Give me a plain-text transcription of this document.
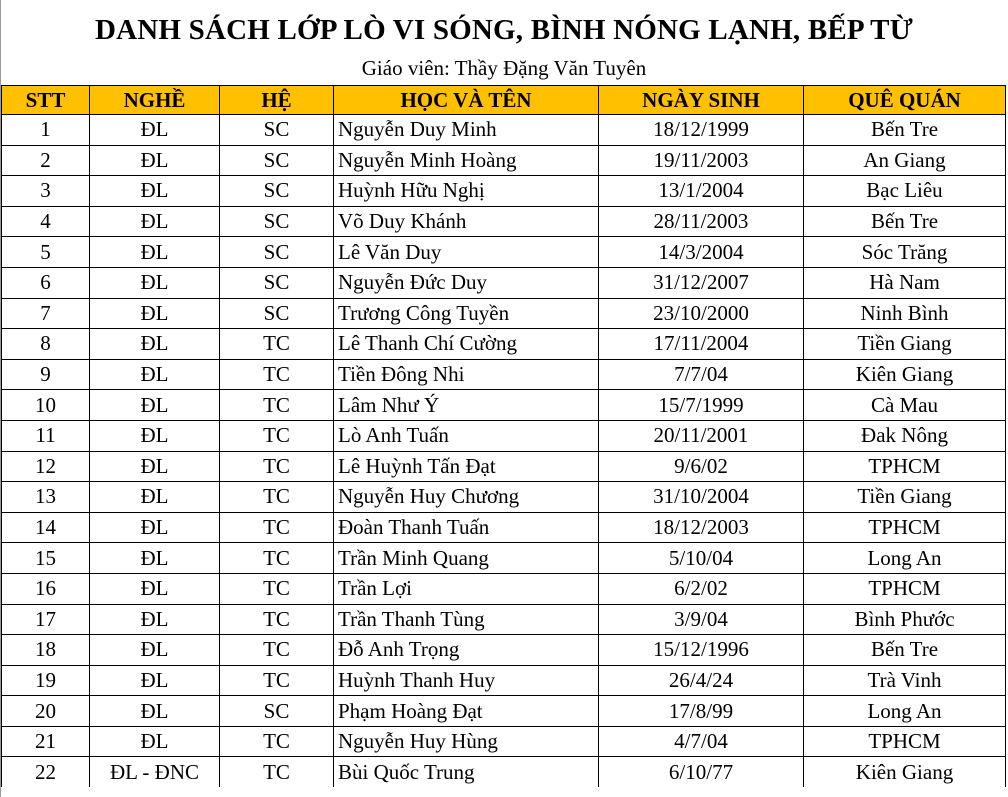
DANH SÁCH LỚP LÒ VI SÓNG, BÌNH NÓNG LẠNH, BẾP TỪ
Giáo viên: Thầy Đặng Văn Tuyên
STT	NGHỀ	HỆ	HỌC VÀ TÊN	NGÀY SINH	QUÊ QUÁN
1	ĐL	SC	Nguyễn Duy Minh	18/12/1999	Bến Tre
2	ĐL	SC	Nguyễn Minh Hoàng	19/11/2003	An Giang
3	ĐL	SC	Huỳnh Hữu Nghị	13/1/2004	Bạc Liêu
4	ĐL	SC	Võ Duy Khánh	28/11/2003	Bến Tre
5	ĐL	SC	Lê Văn Duy	14/3/2004	Sóc Trăng
6	ĐL	SC	Nguyễn Đức Duy	31/12/2007	Hà Nam
7	ĐL	SC	Trương Công Tuyền	23/10/2000	Ninh Bình
8	ĐL	TC	Lê Thanh Chí Cường	17/11/2004	Tiền Giang
9	ĐL	TC	Tiền Đông Nhi	7/7/04	Kiên Giang
10	ĐL	TC	Lâm Như Ý	15/7/1999	Cà Mau
11	ĐL	TC	Lò Anh Tuấn	20/11/2001	Đak Nông
12	ĐL	TC	Lê Huỳnh Tấn Đạt	9/6/02	TPHCM
13	ĐL	TC	Nguyễn Huy Chương	31/10/2004	Tiền Giang
14	ĐL	TC	Đoàn Thanh Tuấn	18/12/2003	TPHCM
15	ĐL	TC	Trần Minh Quang	5/10/04	Long An
16	ĐL	TC	Trần Lợi	6/2/02	TPHCM
17	ĐL	TC	Trần Thanh Tùng	3/9/04	Bình Phước
18	ĐL	TC	Đỗ Anh Trọng	15/12/1996	Bến Tre
19	ĐL	TC	Huỳnh Thanh Huy	26/4/24	Trà Vinh
20	ĐL	SC	Phạm Hoàng Đạt	17/8/99	Long An
21	ĐL	TC	Nguyễn Huy Hùng	4/7/04	TPHCM
22	ĐL - ĐNC	TC	Bùi Quốc Trung	6/10/77	Kiên Giang
